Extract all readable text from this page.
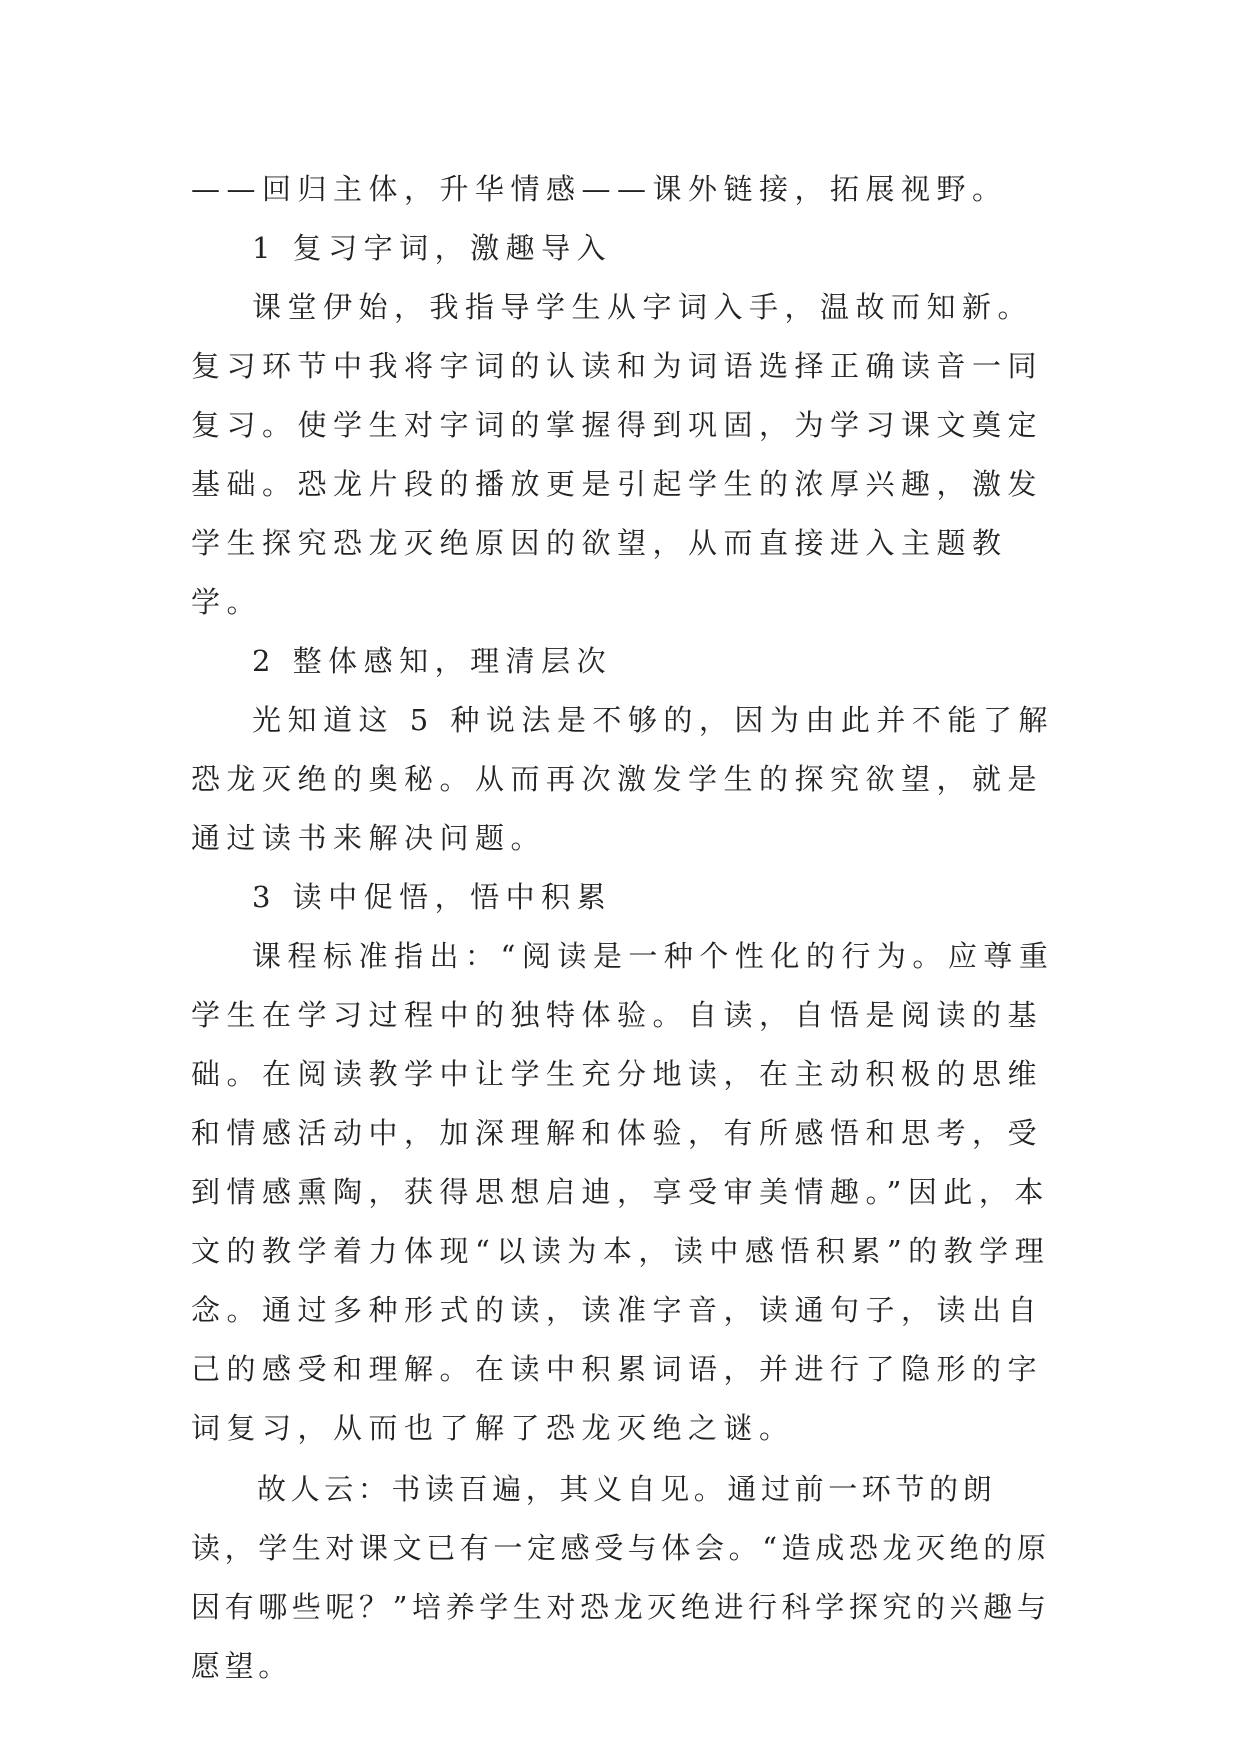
——回归主体，升华情感——课外链接，拓展视野。

1 复习字词，激趣导入

课堂伊始，我指导学生从字词入手，温故而知新。复习环节中我将字词的认读和为词语选择正确读音一同复习。使学生对字词的掌握得到巩固，为学习课文奠定基础。恐龙片段的播放更是引起学生的浓厚兴趣，激发学生探究恐龙灭绝原因的欲望，从而直接进入主题教学。

2 整体感知，理清层次

光知道这 5 种说法是不够的，因为由此并不能了解恐龙灭绝的奥秘。从而再次激发学生的探究欲望，就是通过读书来解决问题。

3 读中促悟，悟中积累

课程标准指出：“阅读是一种个性化的行为。应尊重学生在学习过程中的独特体验。自读，自悟是阅读的基础。在阅读教学中让学生充分地读，在主动积极的思维和情感活动中，加深理解和体验，有所感悟和思考，受到情感熏陶，获得思想启迪，享受审美情趣。”因此，本文的教学着力体现“以读为本，读中感悟积累”的教学理念。通过多种形式的读，读准字音，读通句子，读出自己的感受和理解。在读中积累词语，并进行了隐形的字词复习，从而也了解了恐龙灭绝之谜。

故人云：书读百遍，其义自见。通过前一环节的朗读，学生对课文已有一定感受与体会。“造成恐龙灭绝的原因有哪些呢？”培养学生对恐龙灭绝进行科学探究的兴趣与愿望。
